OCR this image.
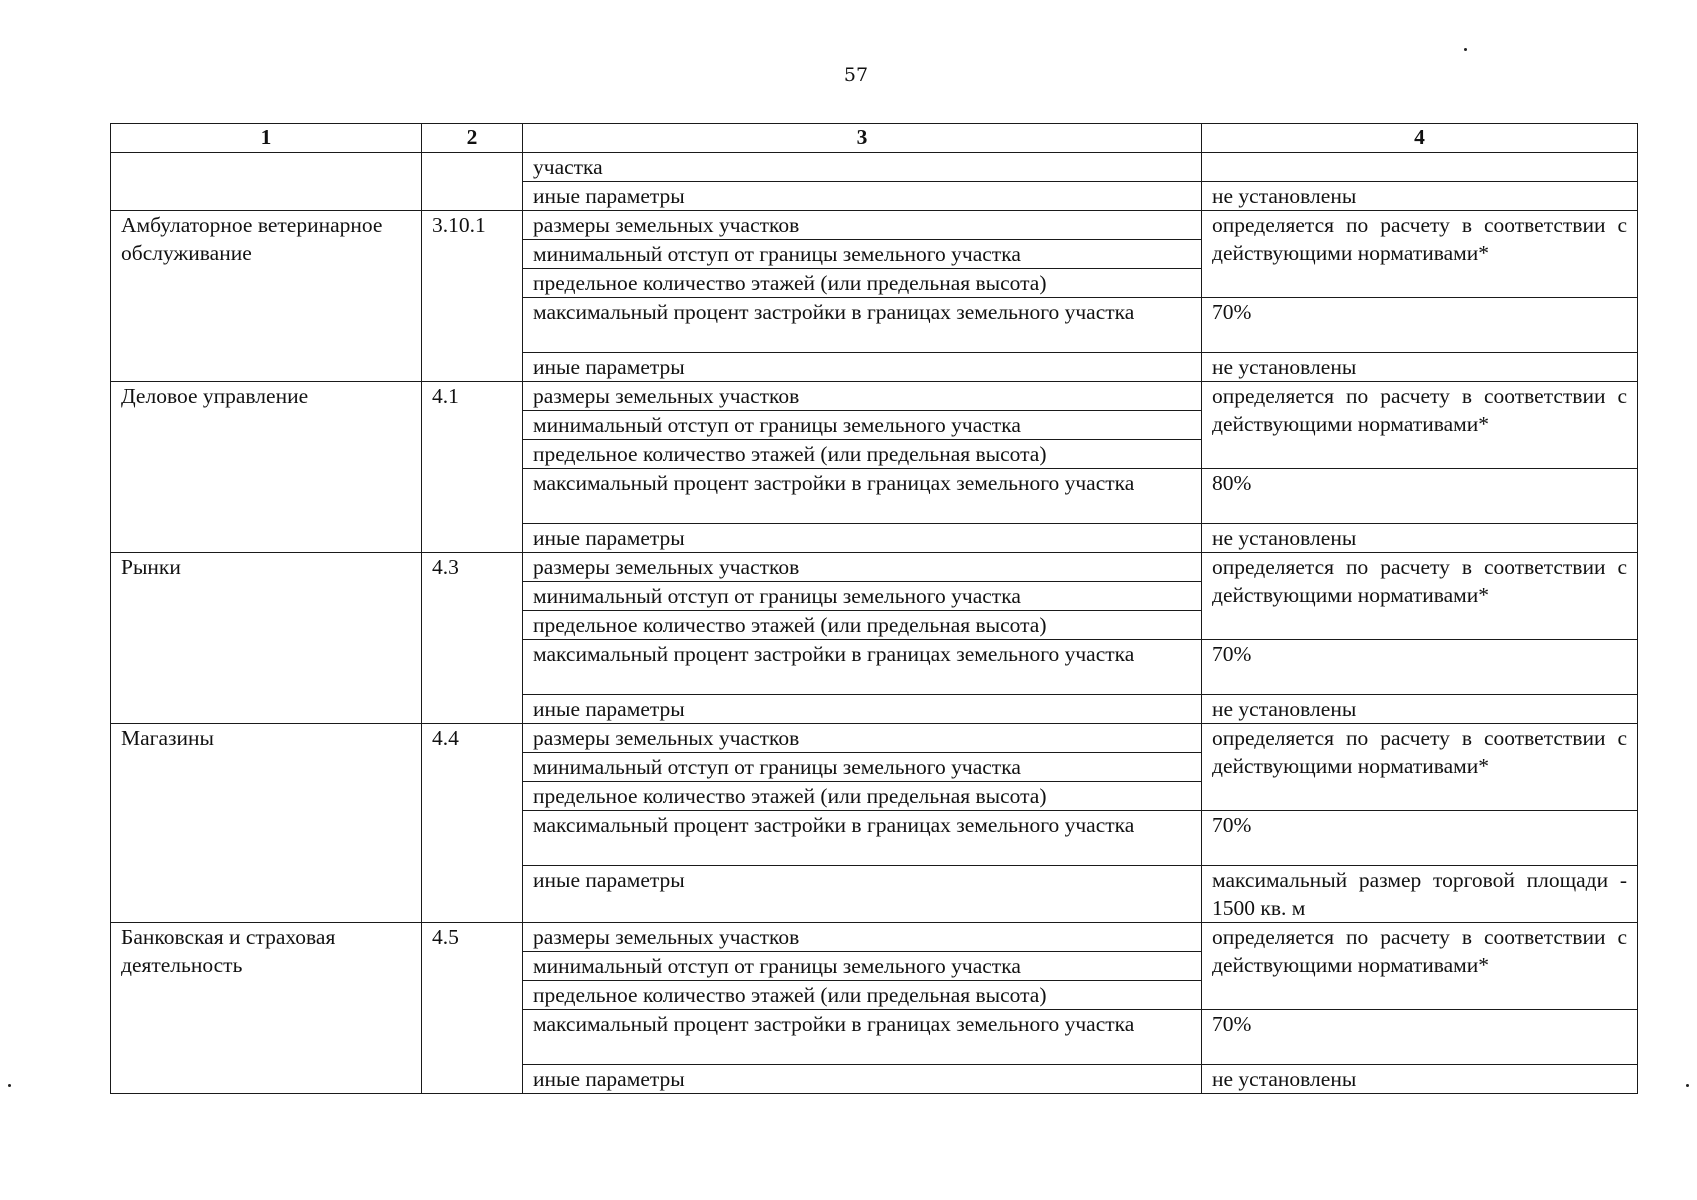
57
1	2	3	4
		участка	
		иные параметры	не установлены
Амбулаторное ветеринарное обслуживание	3.10.1	размеры земельных участков	определяется по расчету в соответствии с действующими нормативами*

		минимальный отступ от границы земельного участка	
		предельное количество этажей (или предельная высота)	
		максимальный процент застройки в границах земельного участка	70%
		иные параметры	не установлены
Деловое управление	4.1	размеры земельных участков	определяется по расчету в соответствии с действующими нормативами*

		минимальный отступ от границы земельного участка	
		предельное количество этажей (или предельная высота)	
		максимальный процент застройки в границах земельного участка	80%
		иные параметры	не установлены
Рынки	4.3	размеры земельных участков	определяется по расчету в соответствии с действующими нормативами*

		минимальный отступ от границы земельного участка	
		предельное количество этажей (или предельная высота)	
		максимальный процент застройки в границах земельного участка	70%
		иные параметры	не установлены
Магазины	4.4	размеры земельных участков	определяется по расчету в соответствии с действующими нормативами*

		минимальный отступ от границы земельного участка	
		предельное количество этажей (или предельная высота)	
		максимальный процент застройки в границах земельного участка	70%
		иные параметры	максимальный размер торговой площади - 1500 кв. м
Банковская и страховая деятельность	4.5	размеры земельных участков	определяется по расчету в соответствии с действующими нормативами*

		минимальный отступ от границы земельного участка	
		предельное количество этажей (или предельная высота)	
		максимальный процент застройки в границах земельного участка	70%
		иные параметры	не установлены
